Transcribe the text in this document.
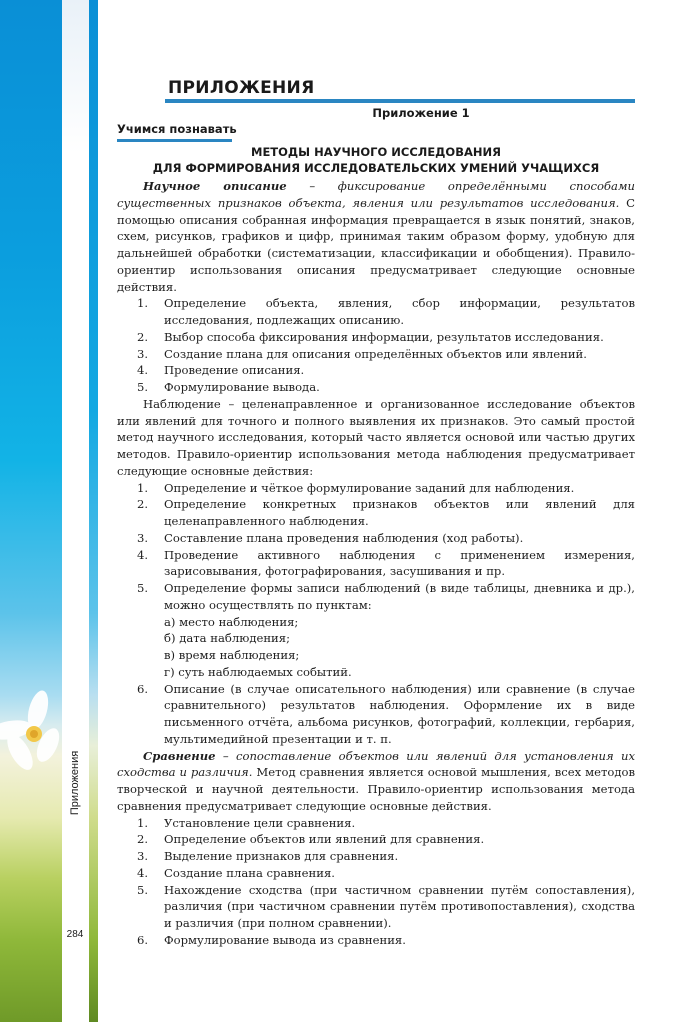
Приложения
284
ПРИЛОЖЕНИЯ
Приложение 1
Учимся познавать
МЕТОДЫ НАУЧНОГО ИССЛЕДОВАНИЯ
ДЛЯ ФОРМИРОВАНИЯ ИССЛЕДОВАТЕЛЬСКИХ УМЕНИЙ УЧАЩИХСЯ

Научное описание – фиксирование определёнными способами существенных признаков объекта, явления или результатов исследования. С помощью описания собранная информация превращается в язык понятий, знаков, схем, рисунков, графиков и цифр, принимая таким образом форму, удобную для дальнейшей обработки (систематизации, классификации и обобщения). Правило-ориентир использования описания предусматривает следующие основные действия.

1. Определение объекта, явления, сбор информации, результатов исследования, подлежащих описанию.
2. Выбор способа фиксирования информации, результатов исследования.
3. Создание плана для описания определённых объектов или явлений.
4. Проведение описания.
5. Формулирование вывода.

Наблюдение – целенаправленное и организованное исследование объектов или явлений для точного и полного выявления их признаков. Это самый простой метод научного исследования, который часто является основой или частью других методов. Правило-ориентир использования метода наблюдения предусматривает следующие основные действия:

1. Определение и чёткое формулирование заданий для наблюдения.
2. Определение конкретных признаков объектов или явлений для целенаправленного наблюдения.
3. Составление плана проведения наблюдения (ход работы).
4. Проведение активного наблюдения с применением измерения, зарисовывания, фотографирования, засушивания и пр.
5. Определение формы записи наблюдений (в виде таблицы, дневника и др.), можно осуществлять по пунктам:
а) место наблюдения;
б) дата наблюдения;
в) время наблюдения;
г) суть наблюдаемых событий.
6. Описание (в случае описательного наблюдения) или сравнение (в случае сравнительного) результатов наблюдения. Оформление их в виде письменного отчёта, альбома рисунков, фотографий, коллекции, гербария, мультимедийной презентации и т. п.

Сравнение – сопоставление объектов или явлений для установления их сходства и различия. Метод сравнения является основой мышления, всех методов творческой и научной деятельности. Правило-ориентир использования метода сравнения предусматривает следующие основные действия.

1. Установление цели сравнения.
2. Определение объектов или явлений для сравнения.
3. Выделение признаков для сравнения.
4. Создание плана сравнения.
5. Нахождение сходства (при частичном сравнении путём сопоставления), различия (при частичном сравнении путём противопоставления), сходства и различия (при полном сравнении).
6. Формулирование вывода из сравнения.
